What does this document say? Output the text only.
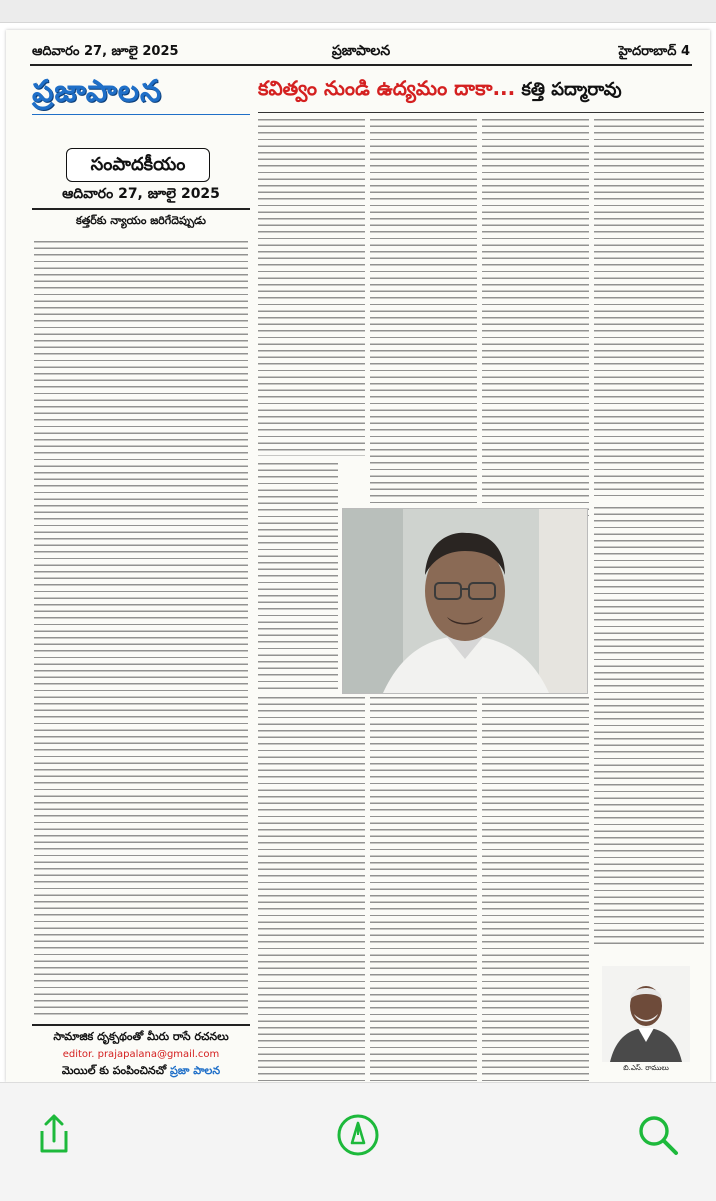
ఆదివారం 27, జూలై 2025	ప్రజాపాలన	హైదరాబాద్ 4
ప్రజాపాలన
సంపాదకీయం
ఆదివారం 27, జూలై 2025
కత్తర్‌కు న్యాయం జరిగేదెప్పుడు
సామాజిక దృక్పథంతో మీరు రాసే రచనలు
editor. prajapalana@gmail.com
మెయిల్ కు పంపించినచో ప్రజా పాలన
కవిత్వం నుండి ఉద్యమం దాకా... కత్తి పద్మారావు
బి.ఎస్. రాములు
